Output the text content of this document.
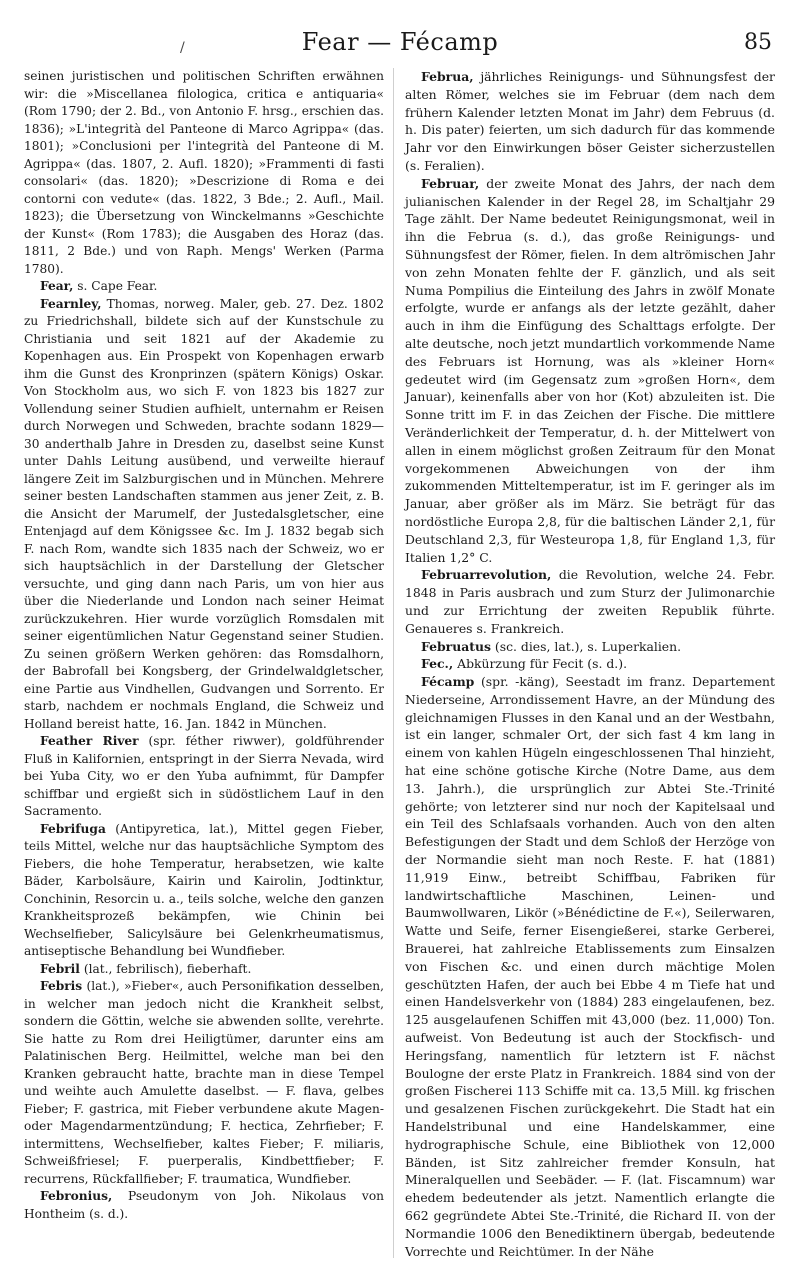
/	Fear — Fécamp	85

seinen juristischen und politischen Schriften erwähnen wir: die »Miscellanea filologica, critica e antiquaria« (Rom 1790; der 2. Bd., von Antonio F. hrsg., erschien das. 1836); »L'integrità del Panteone di Marco Agrippa« (das. 1801); »Conclusioni per l'integrità del Panteone di M. Agrippa« (das. 1807, 2. Aufl. 1820); »Frammenti di fasti consolari« (das. 1820); »Descrizione di Roma e dei contorni con vedute« (das. 1822, 3 Bde.; 2. Aufl., Mail. 1823); die Übersetzung von Winckelmanns »Geschichte der Kunst« (Rom 1783); die Ausgaben des Horaz (das. 1811, 2 Bde.) und von Raph. Mengs' Werken (Parma 1780).

Fear, s. Cape Fear.

Fearnley, Thomas, norweg. Maler, geb. 27. Dez. 1802 zu Friedrichshall, bildete sich auf der Kunstschule zu Christiania und seit 1821 auf der Akademie zu Kopenhagen aus. Ein Prospekt von Kopenhagen erwarb ihm die Gunst des Kronprinzen (spätern Königs) Oskar. Von Stockholm aus, wo sich F. von 1823 bis 1827 zur Vollendung seiner Studien aufhielt, unternahm er Reisen durch Norwegen und Schweden, brachte sodann 1829—30 anderthalb Jahre in Dresden zu, daselbst seine Kunst unter Dahls Leitung ausübend, und verweilte hierauf längere Zeit im Salzburgischen und in München. Mehrere seiner besten Landschaften stammen aus jener Zeit, z. B. die Ansicht der Marumelf, der Justedalsgletscher, eine Entenjagd auf dem Königssee &c. Im J. 1832 begab sich F. nach Rom, wandte sich 1835 nach der Schweiz, wo er sich hauptsächlich in der Darstellung der Gletscher versuchte, und ging dann nach Paris, um von hier aus über die Niederlande und London nach seiner Heimat zurückzukehren. Hier wurde vorzüglich Romsdalen mit seiner eigentümlichen Natur Gegenstand seiner Studien. Zu seinen größern Werken gehören: das Romsdalhorn, der Babrofall bei Kongsberg, der Grindelwaldgletscher, eine Partie aus Vindhellen, Gudvangen und Sorrento. Er starb, nachdem er nochmals England, die Schweiz und Holland bereist hatte, 16. Jan. 1842 in München.

Feather River (spr. féther riwwer), goldführender Fluß in Kalifornien, entspringt in der Sierra Nevada, wird bei Yuba City, wo er den Yuba aufnimmt, für Dampfer schiffbar und ergießt sich in südöstlichem Lauf in den Sacramento.

Febrifuga (Antipyretica, lat.), Mittel gegen Fieber, teils Mittel, welche nur das hauptsächliche Symptom des Fiebers, die hohe Temperatur, herabsetzen, wie kalte Bäder, Karbolsäure, Kairin und Kairolin, Jodtinktur, Conchinin, Resorcin u. a., teils solche, welche den ganzen Krankheitsprozeß bekämpfen, wie Chinin bei Wechselfieber, Salicylsäure bei Gelenkrheumatismus, antiseptische Behandlung bei Wundfieber.

Febril (lat., febrilisch), fieberhaft.

Febris (lat.), »Fieber«, auch Personifikation desselben, in welcher man jedoch nicht die Krankheit selbst, sondern die Göttin, welche sie abwenden sollte, verehrte. Sie hatte zu Rom drei Heiligtümer, darunter eins am Palatinischen Berg. Heilmittel, welche man bei den Kranken gebraucht hatte, brachte man in diese Tempel und weihte auch Amulette daselbst. — F. flava, gelbes Fieber; F. gastrica, mit Fieber verbundene akute Magen- oder Magendarmentzündung; F. hectica, Zehrfieber; F. intermittens, Wechselfieber, kaltes Fieber; F. miliaris, Schweißfriesel; F. puerperalis, Kindbettfieber; F. recurrens, Rückfallfieber; F. traumatica, Wundfieber.

Febronius, Pseudonym von Joh. Nikolaus von Hontheim (s. d.).

Februa, jährliches Reinigungs- und Sühnungsfest der alten Römer, welches sie im Februar (dem nach dem frühern Kalender letzten Monat im Jahr) dem Februus (d. h. Dis pater) feierten, um sich dadurch für das kommende Jahr vor den Einwirkungen böser Geister sicherzustellen (s. Feralien).

Februar, der zweite Monat des Jahrs, der nach dem julianischen Kalender in der Regel 28, im Schaltjahr 29 Tage zählt. Der Name bedeutet Reinigungsmonat, weil in ihn die Februa (s. d.), das große Reinigungs- und Sühnungsfest der Römer, fielen. In dem altrömischen Jahr von zehn Monaten fehlte der F. gänzlich, und als seit Numa Pompilius die Einteilung des Jahrs in zwölf Monate erfolgte, wurde er anfangs als der letzte gezählt, daher auch in ihm die Einfügung des Schalttags erfolgte. Der alte deutsche, noch jetzt mundartlich vorkommende Name des Februars ist Hornung, was als »kleiner Horn« gedeutet wird (im Gegensatz zum »großen Horn«, dem Januar), keinenfalls aber von hor (Kot) abzuleiten ist. Die Sonne tritt im F. in das Zeichen der Fische. Die mittlere Veränderlichkeit der Temperatur, d. h. der Mittelwert von allen in einem möglichst großen Zeitraum für den Monat vorgekommenen Abweichungen von der ihm zukommenden Mitteltemperatur, ist im F. geringer als im Januar, aber größer als im März. Sie beträgt für das nordöstliche Europa 2,8, für die baltischen Länder 2,1, für Deutschland 2,3, für Westeuropa 1,8, für England 1,3, für Italien 1,2° C.

Februarrevolution, die Revolution, welche 24. Febr. 1848 in Paris ausbrach und zum Sturz der Julimonarchie und zur Errichtung der zweiten Republik führte. Genaueres s. Frankreich.

Februatus (sc. dies, lat.), s. Luperkalien.

Fec., Abkürzung für Fecit (s. d.).

Fécamp (spr. -käng), Seestadt im franz. Departement Niederseine, Arrondissement Havre, an der Mündung des gleichnamigen Flusses in den Kanal und an der Westbahn, ist ein langer, schmaler Ort, der sich fast 4 km lang in einem von kahlen Hügeln eingeschlossenen Thal hinzieht, hat eine schöne gotische Kirche (Notre Dame, aus dem 13. Jahrh.), die ursprünglich zur Abtei Ste.-Trinité gehörte; von letzterer sind nur noch der Kapitelsaal und ein Teil des Schlafsaals vorhanden. Auch von den alten Befestigungen der Stadt und dem Schloß der Herzöge von der Normandie sieht man noch Reste. F. hat (1881) 11,919 Einw., betreibt Schiffbau, Fabriken für landwirtschaftliche Maschinen, Leinen- und Baumwollwaren, Likör (»Bénédictine de F.«), Seilerwaren, Watte und Seife, ferner Eisengießerei, starke Gerberei, Brauerei, hat zahlreiche Etablissements zum Einsalzen von Fischen &c. und einen durch mächtige Molen geschützten Hafen, der auch bei Ebbe 4 m Tiefe hat und einen Handelsverkehr von (1884) 283 eingelaufenen, bez. 125 ausgelaufenen Schiffen mit 43,000 (bez. 11,000) Ton. aufweist. Von Bedeutung ist auch der Stockfisch- und Heringsfang, namentlich für letztern ist F. nächst Boulogne der erste Platz in Frankreich. 1884 sind von der großen Fischerei 113 Schiffe mit ca. 13,5 Mill. kg frischen und gesalzenen Fischen zurückgekehrt. Die Stadt hat ein Handelstribunal und eine Handelskammer, eine hydrographische Schule, eine Bibliothek von 12,000 Bänden, ist Sitz zahlreicher fremder Konsuln, hat Mineralquellen und Seebäder. — F. (lat. Fiscamnum) war ehedem bedeutender als jetzt. Namentlich erlangte die 662 gegründete Abtei Ste.-Trinité, die Richard II. von der Normandie 1006 den Benediktinern übergab, bedeutende Vorrechte und Reichtümer. In der Nähe
